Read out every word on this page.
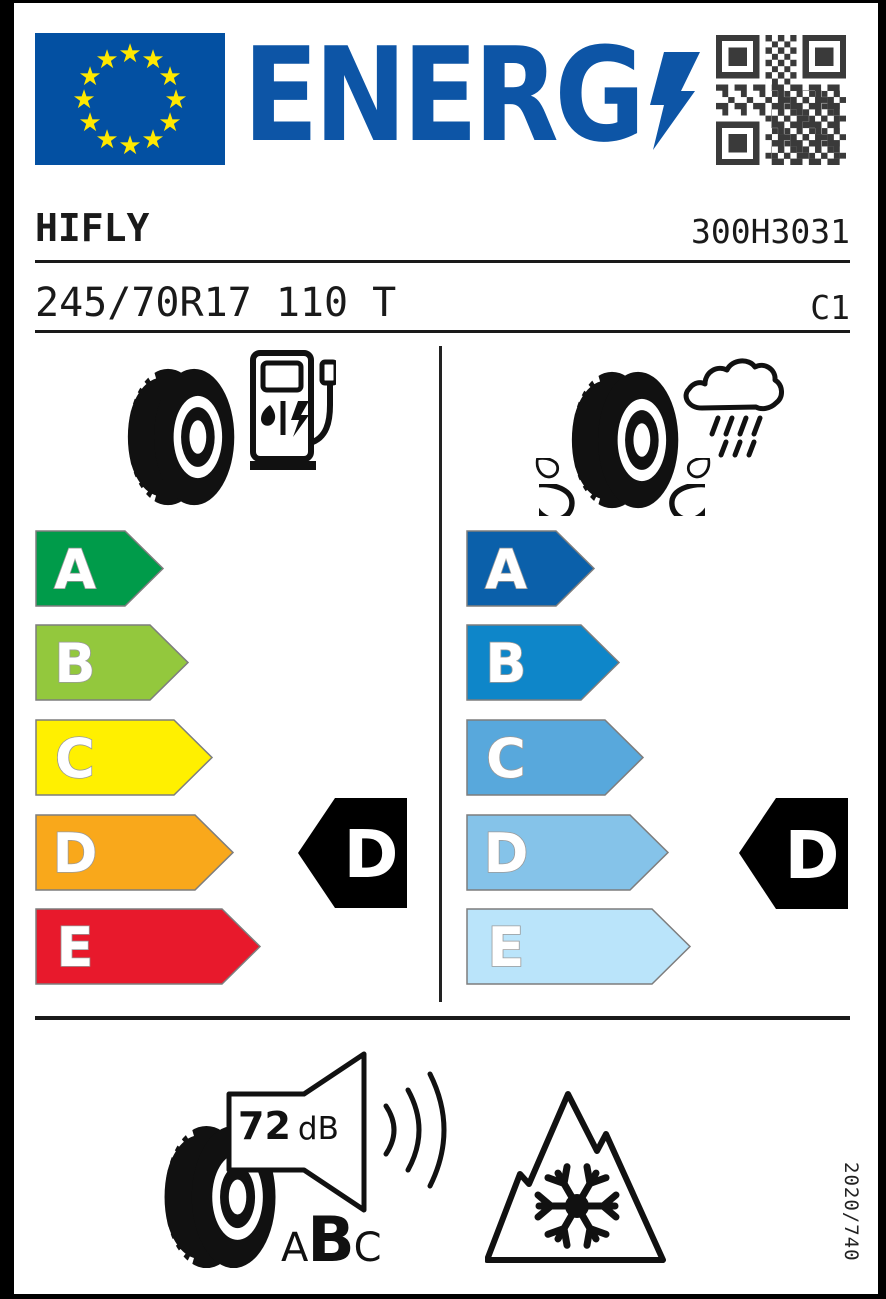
★ ★
★
★
★
★
★
★
★
★
★
★ ENERG
HIFLY	300H3031
245/70R17 110 T	C1
A
B
C
D
E
D
A
B
C
D
E
D
72 dB
A B C	2020/740
